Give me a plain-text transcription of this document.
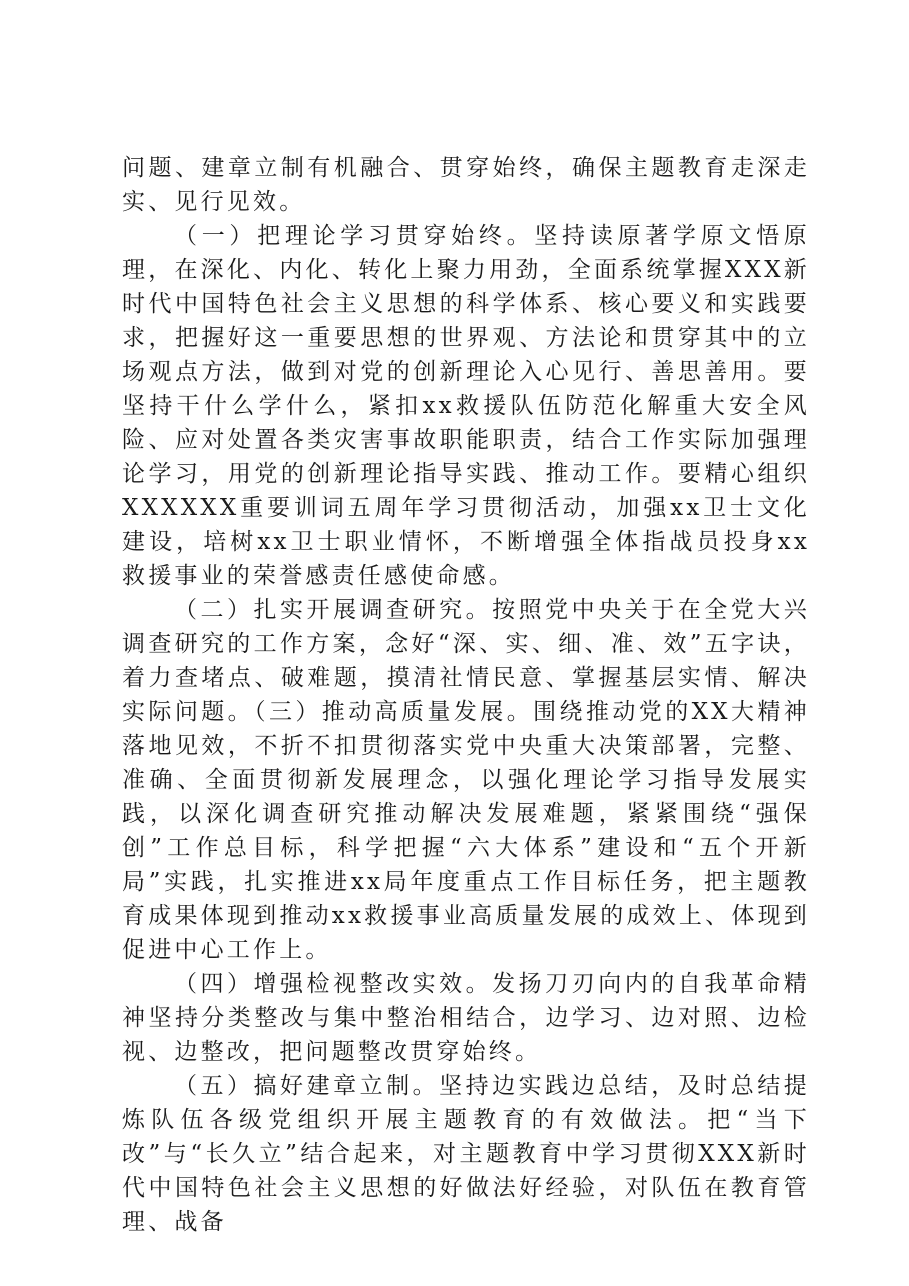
问题、建章立制有机融合、贯穿始终，确保主题教育走深走实、见行见效。

（一）把理论学习贯穿始终。坚持读原著学原文悟原理，在深化、内化、转化上聚力用劲，全面系统掌握XXX新时代中国特色社会主义思想的科学体系、核心要义和实践要求，把握好这一重要思想的世界观、方法论和贯穿其中的立场观点方法，做到对党的创新理论入心见行、善思善用。要坚持干什么学什么，紧扣xx救援队伍防范化解重大安全风险、应对处置各类灾害事故职能职责，结合工作实际加强理论学习，用党的创新理论指导实践、推动工作。要精心组织XXXXXX重要训词五周年学习贯彻活动，加强xx卫士文化建设，培树xx卫士职业情怀，不断增强全体指战员投身xx救援事业的荣誉感责任感使命感。

（二）扎实开展调查研究。按照党中央关于在全党大兴调查研究的工作方案，念好“深、实、细、准、效”五字诀，着力查堵点、破难题，摸清社情民意、掌握基层实情、解决实际问题。（三）推动高质量发展。围绕推动党的XX大精神落地见效，不折不扣贯彻落实党中央重大决策部署，完整、准确、全面贯彻新发展理念，以强化理论学习指导发展实践，以深化调查研究推动解决发展难题，紧紧围绕“强保创”工作总目标，科学把握“六大体系”建设和“五个开新局”实践，扎实推进xx局年度重点工作目标任务，把主题教育成果体现到推动xx救援事业高质量发展的成效上、体现到促进中心工作上。

（四）增强检视整改实效。发扬刀刃向内的自我革命精神坚持分类整改与集中整治相结合，边学习、边对照、边检视、边整改，把问题整改贯穿始终。

（五）搞好建章立制。坚持边实践边总结，及时总结提炼队伍各级党组织开展主题教育的有效做法。把“当下改”与“长久立”结合起来，对主题教育中学习贯彻XXX新时代中国特色社会主义思想的好做法好经验，对队伍在教育管理、战备
